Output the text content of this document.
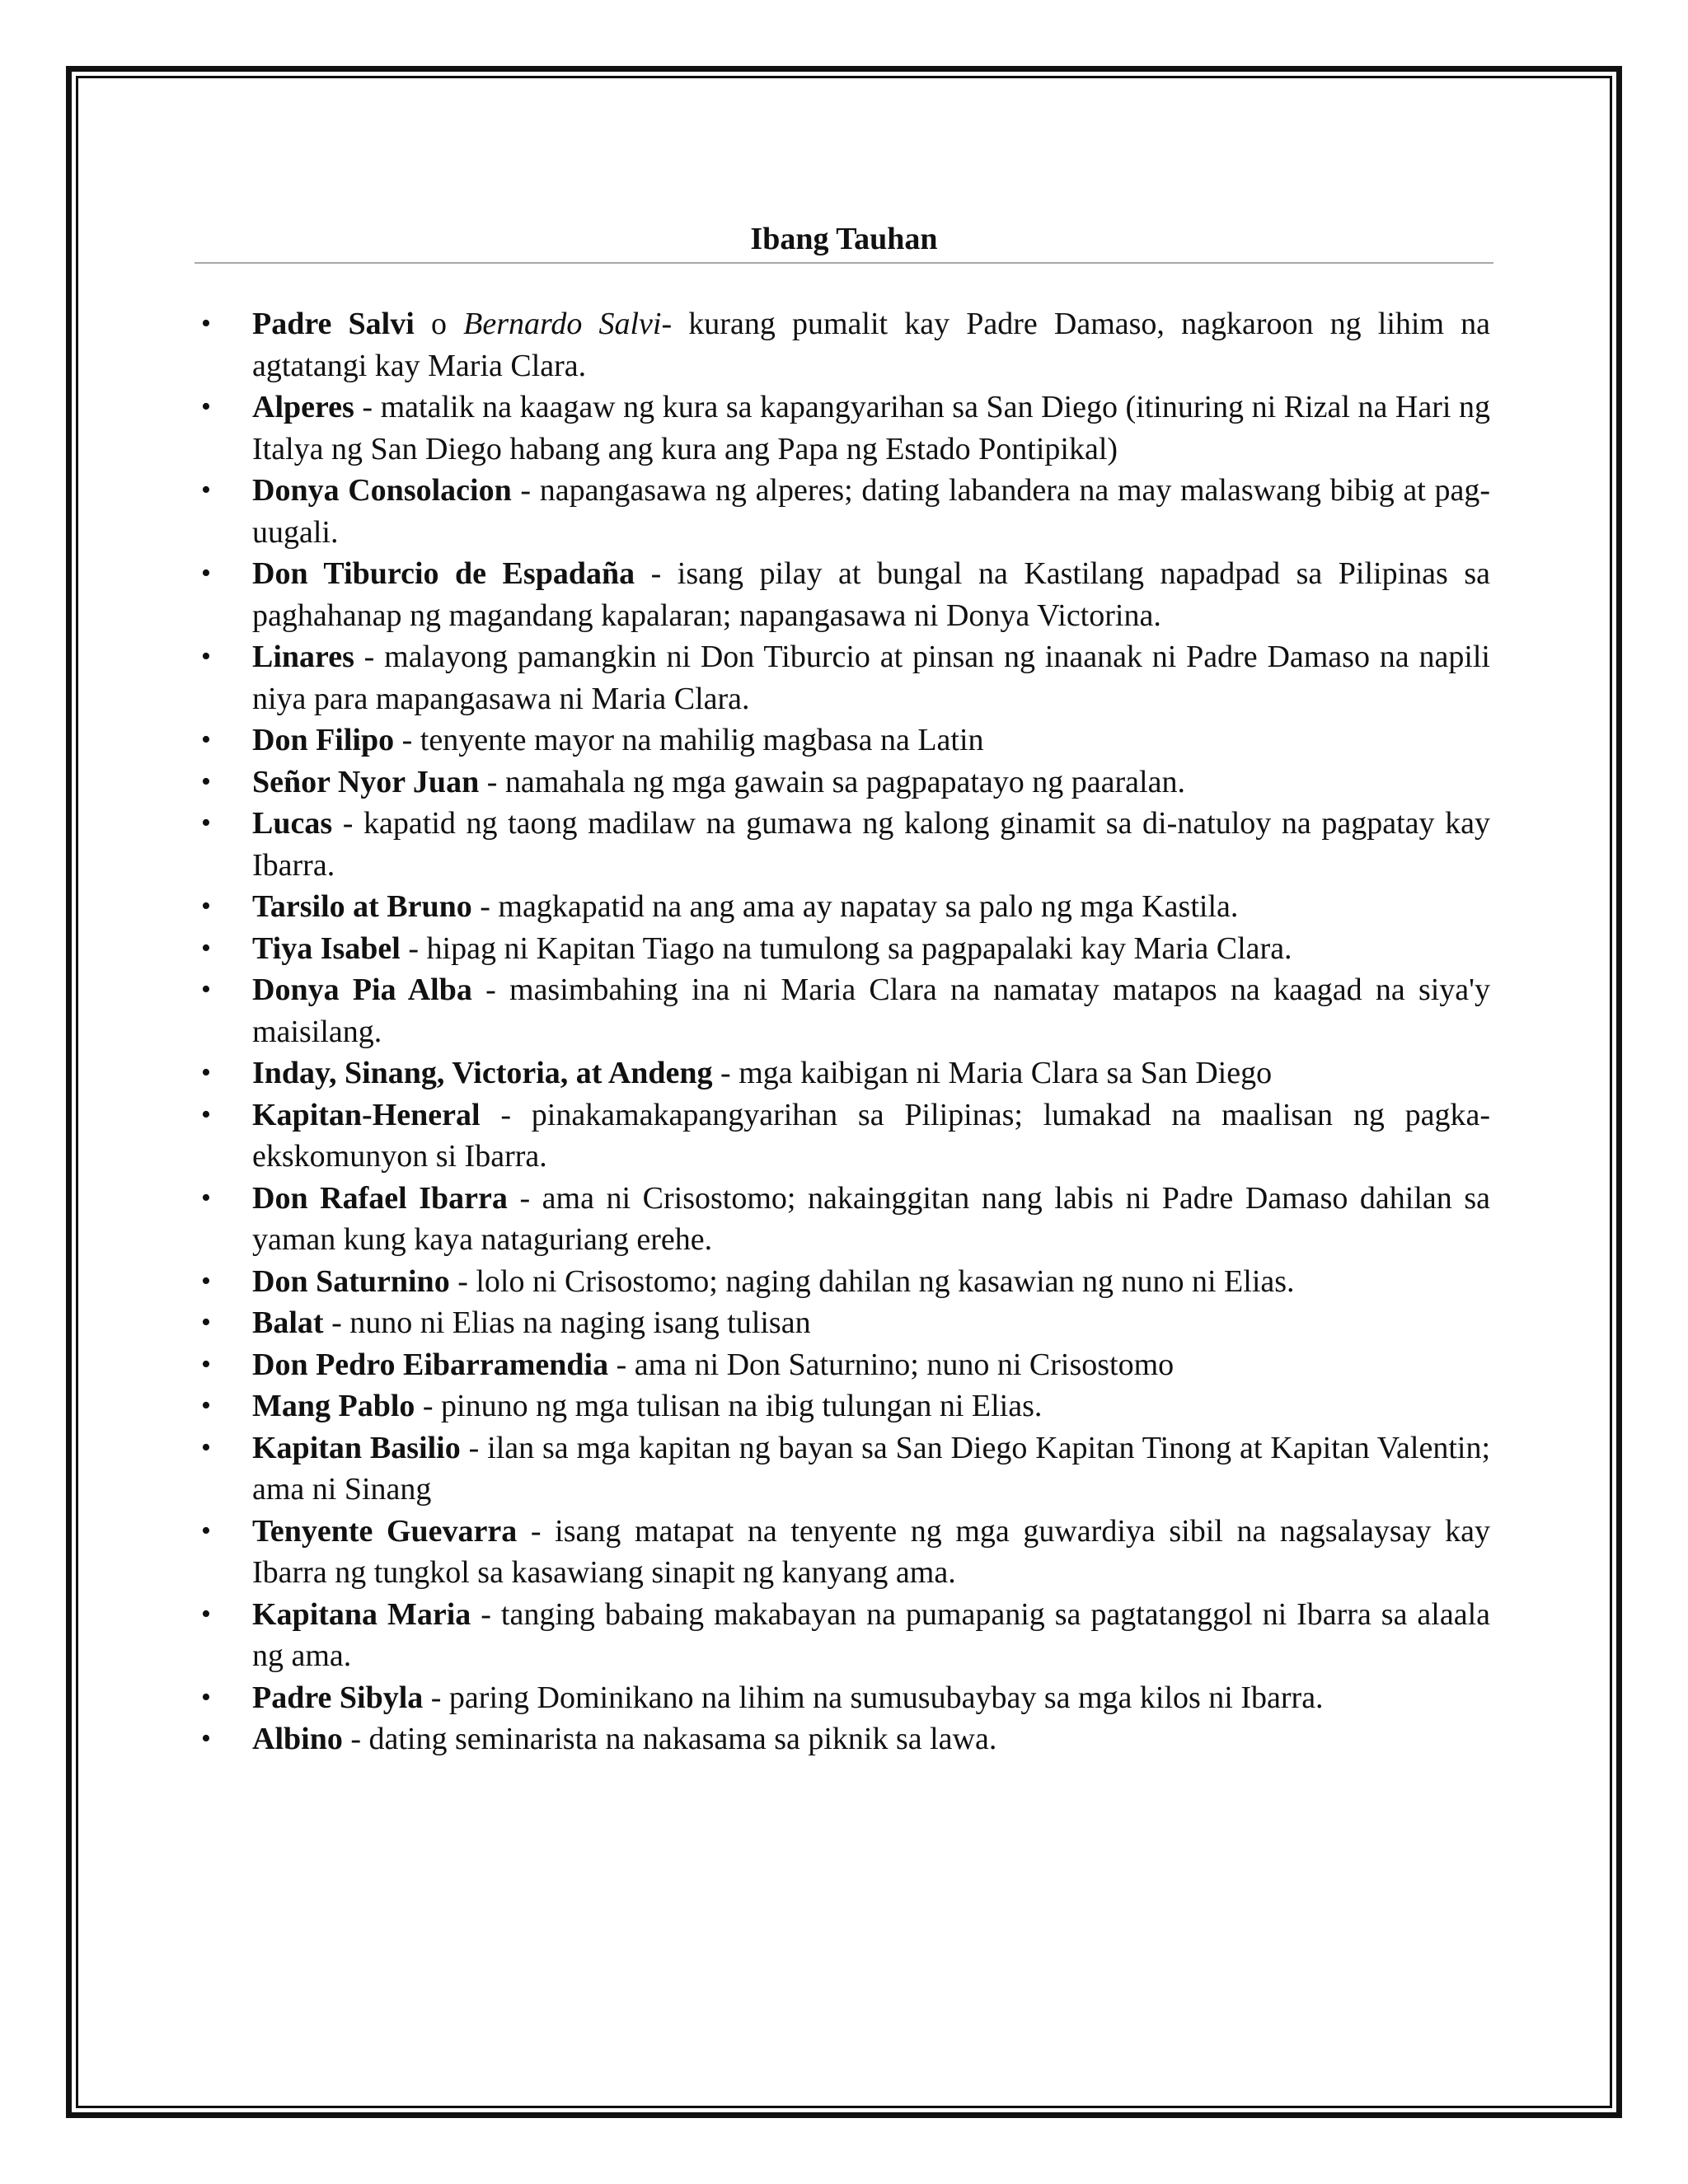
Ibang Tauhan
• Padre Salvi o Bernardo Salvi- kurang pumalit kay Padre Damaso, nagkaroon ng lihim na agtatangi kay Maria Clara.
• Alperes - matalik na kaagaw ng kura sa kapangyarihan sa San Diego (itinuring ni Rizal na Hari ng Italya ng San Diego habang ang kura ang Papa ng Estado Pontipikal)
• Donya Consolacion - napangasawa ng alperes; dating labandera na may malaswang bibig at pag-uugali.
• Don Tiburcio de Espadaña - isang pilay at bungal na Kastilang napadpad sa Pilipinas sa paghahanap ng magandang kapalaran; napangasawa ni Donya Victorina.
• Linares - malayong pamangkin ni Don Tiburcio at pinsan ng inaanak ni Padre Damaso na napili niya para mapangasawa ni Maria Clara.
• Don Filipo - tenyente mayor na mahilig magbasa na Latin
• Señor Nyor Juan - namahala ng mga gawain sa pagpapatayo ng paaralan.
• Lucas - kapatid ng taong madilaw na gumawa ng kalong ginamit sa di-natuloy na pagpatay kay Ibarra.
• Tarsilo at Bruno - magkapatid na ang ama ay napatay sa palo ng mga Kastila.
• Tiya Isabel - hipag ni Kapitan Tiago na tumulong sa pagpapalaki kay Maria Clara.
• Donya Pia Alba - masimbahing ina ni Maria Clara na namatay matapos na kaagad na siya'y maisilang.
• Inday, Sinang, Victoria, at Andeng - mga kaibigan ni Maria Clara sa San Diego
• Kapitan-Heneral - pinakamakapangyarihan sa Pilipinas; lumakad na maalisan ng pagka-ekskomunyon si Ibarra.
• Don Rafael Ibarra - ama ni Crisostomo; nakainggitan nang labis ni Padre Damaso dahilan sa yaman kung kaya nataguriang erehe.
• Don Saturnino - lolo ni Crisostomo; naging dahilan ng kasawian ng nuno ni Elias.
• Balat - nuno ni Elias na naging isang tulisan
• Don Pedro Eibarramendia - ama ni Don Saturnino; nuno ni Crisostomo
• Mang Pablo - pinuno ng mga tulisan na ibig tulungan ni Elias.
• Kapitan Basilio - ilan sa mga kapitan ng bayan sa San Diego Kapitan Tinong at Kapitan Valentin; ama ni Sinang
• Tenyente Guevarra - isang matapat na tenyente ng mga guwardiya sibil na nagsalaysay kay Ibarra ng tungkol sa kasawiang sinapit ng kanyang ama.
• Kapitana Maria - tanging babaing makabayan na pumapanig sa pagtatanggol ni Ibarra sa alaala ng ama.
• Padre Sibyla - paring Dominikano na lihim na sumusubaybay sa mga kilos ni Ibarra.
• Albino - dating seminarista na nakasama sa piknik sa lawa.
